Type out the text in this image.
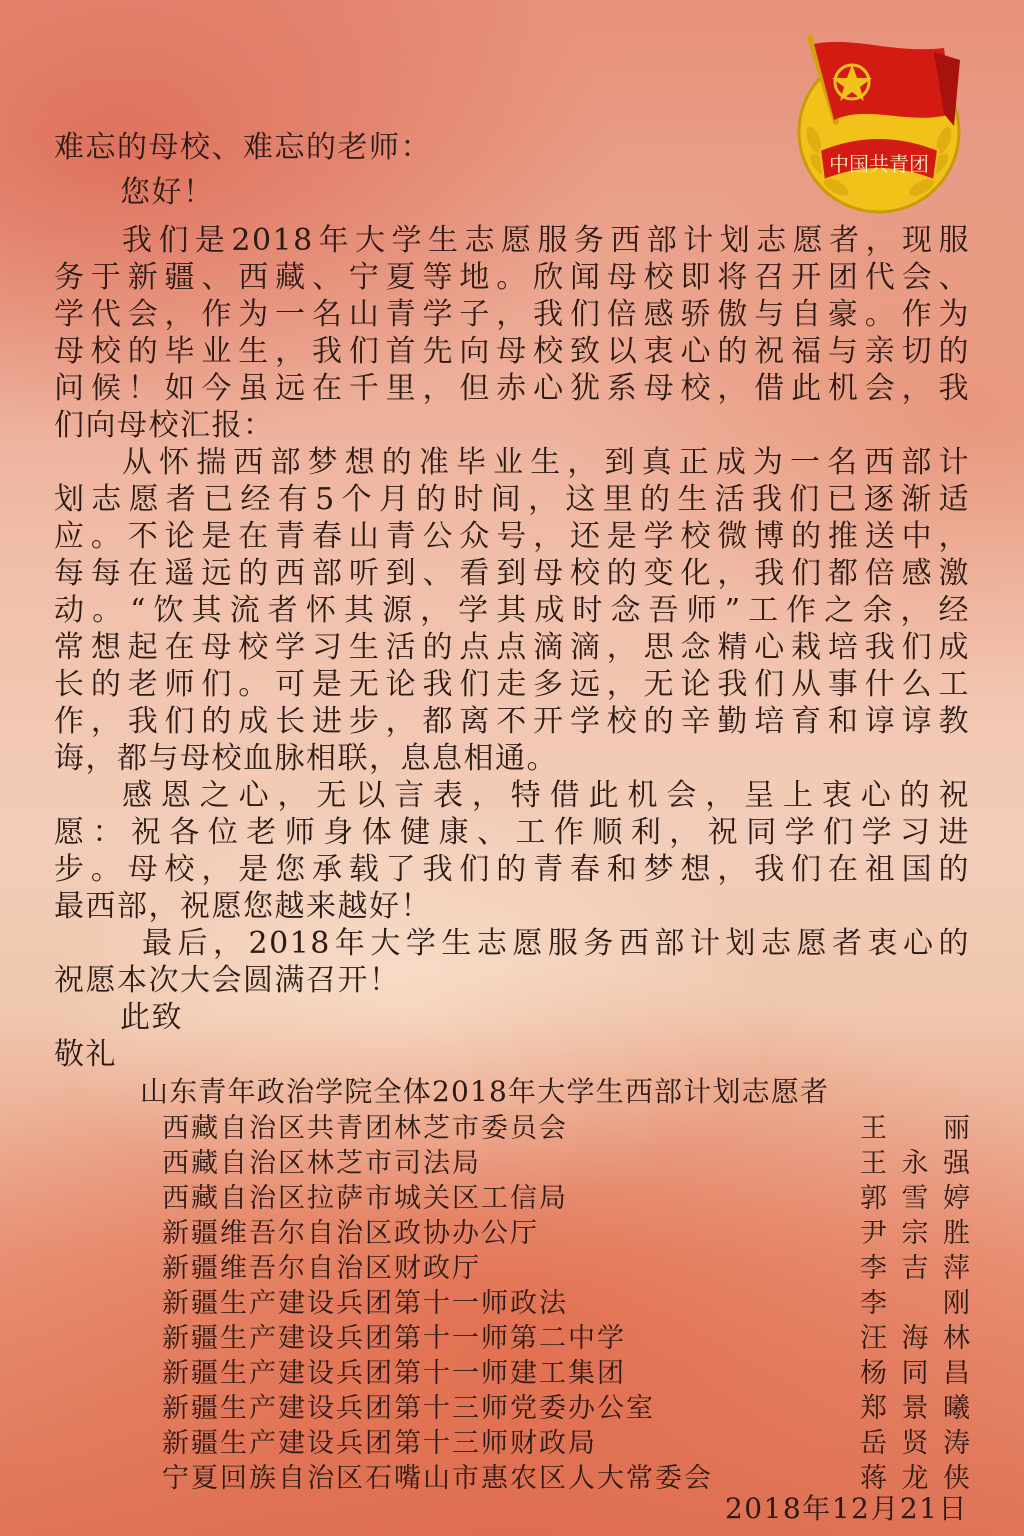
中国共青团
难忘的母校、难忘的老师：
您好！
我们是2018年大学生志愿服务西部计划志愿者，现服
务于新疆、西藏、宁夏等地。欣闻母校即将召开团代会、
学代会，作为一名山青学子，我们倍感骄傲与自豪。作为
母校的毕业生，我们首先向母校致以衷心的祝福与亲切的
问候！如今虽远在千里，但赤心犹系母校，借此机会，我
们向母校汇报：
从怀揣西部梦想的准毕业生，到真正成为一名西部计
划志愿者已经有5个月的时间，这里的生活我们已逐渐适
应。不论是在青春山青公众号，还是学校微博的推送中，
每每在遥远的西部听到、看到母校的变化，我们都倍感激
动。“饮其流者怀其源，学其成时念吾师”工作之余，经
常想起在母校学习生活的点点滴滴，思念精心栽培我们成
长的老师们。可是无论我们走多远，无论我们从事什么工
作，我们的成长进步，都离不开学校的辛勤培育和谆谆教
诲，都与母校血脉相联，息息相通。
感恩之心，无以言表，特借此机会，呈上衷心的祝
愿：祝各位老师身体健康、工作顺利，祝同学们学习进
步。母校，是您承载了我们的青春和梦想，我们在祖国的
最西部，祝愿您越来越好！
最后，2018年大学生志愿服务西部计划志愿者衷心的
祝愿本次大会圆满召开！
此致
敬礼
山东青年政治学院全体2018年大学生西部计划志愿者
西藏自治区共青团林芝市委员会	王丽
西藏自治区林芝市司法局	王永强
西藏自治区拉萨市城关区工信局	郭雪婷
新疆维吾尔自治区政协办公厅	尹宗胜
新疆维吾尔自治区财政厅	李吉萍
新疆生产建设兵团第十一师政法	李刚
新疆生产建设兵团第十一师第二中学	汪海林
新疆生产建设兵团第十一师建工集团	杨同昌
新疆生产建设兵团第十三师党委办公室	郑景曦
新疆生产建设兵团第十三师财政局	岳贤涛
宁夏回族自治区石嘴山市惠农区人大常委会	蒋龙侠
2018年12月21日
